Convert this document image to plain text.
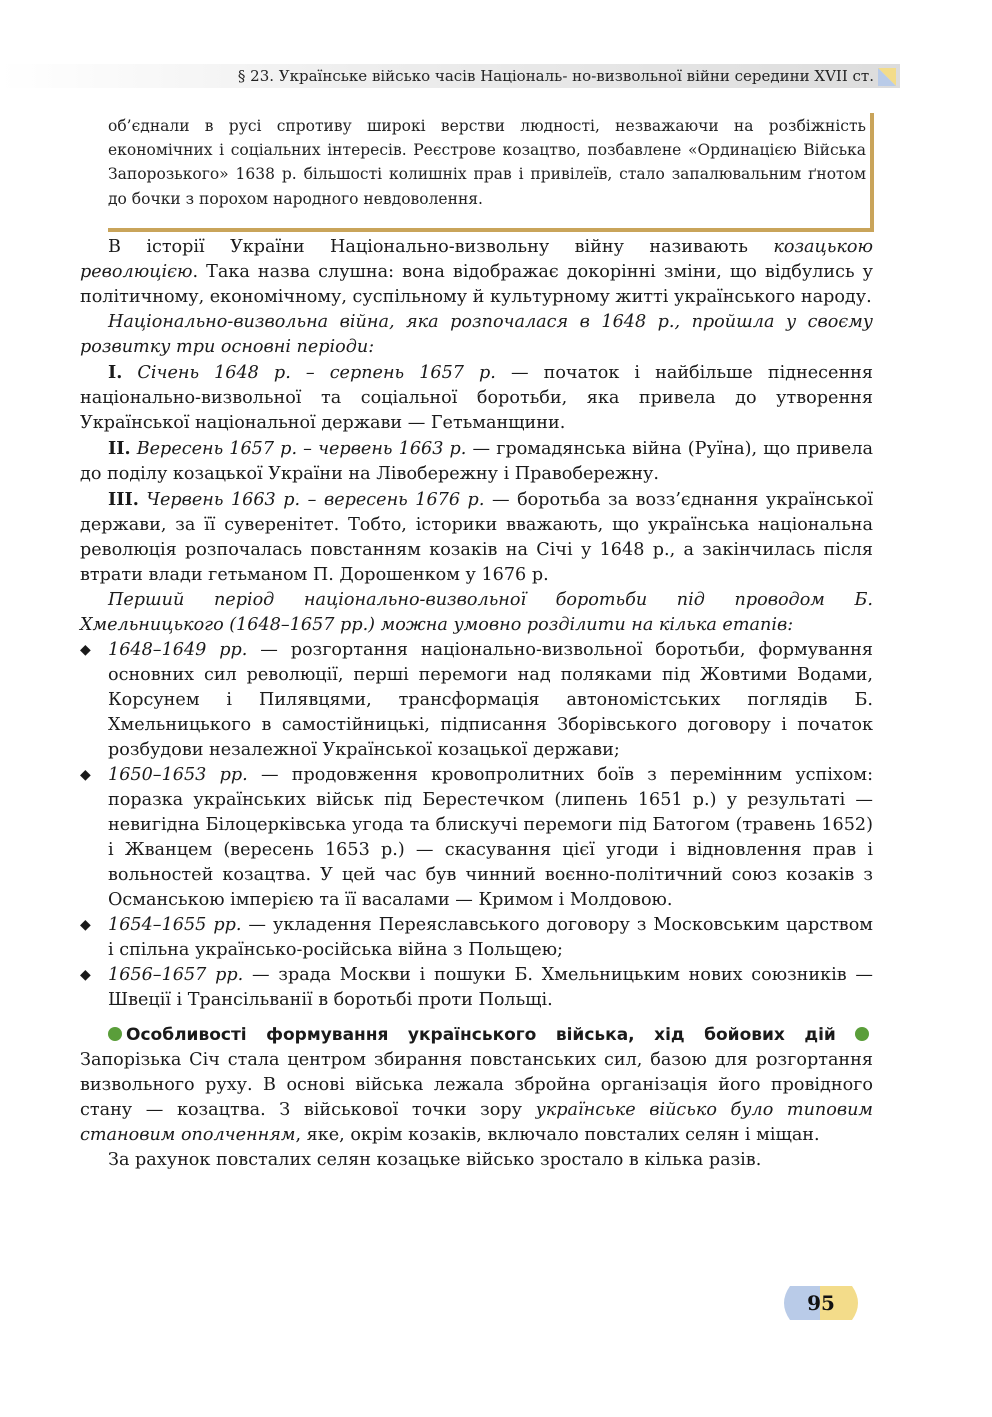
§ 23. Українське військо часів Національ- но-визвольної війни середини XVII ст.
об’єднали в русі спротиву широкі верстви людності, незважаючи на розбіжність економічних і соціальних інтересів. Реєстрове козацтво, позбавлене «Ординацією Війська Запорозького» 1638 р. більшості колишніх прав і привілеїв, стало запалювальним ґнотом до бочки з порохом народного невдоволення.

В історії України Національно-визвольну війну називають козацькою революцією. Така назва слушна: вона відображає докорінні зміни, що відбулись у політичному, економічному, суспільному й культурному житті українського народу.

Національно-визвольна війна, яка розпочалася в 1648 р., пройшла у своєму розвитку три основні періоди:

I. Січень 1648 р. – серпень 1657 р. — початок і найбільше піднесення національно-визвольної та соціальної боротьби, яка привела до утворення Української національної держави — Гетьманщини.

II. Вересень 1657 р. – червень 1663 р. — громадянська війна (Руїна), що привела до поділу козацької України на Лівобережну і Правобережну.

III. Червень 1663 р. – вересень 1676 р. — боротьба за возз’єднання української держави, за її суверенітет. Тобто, історики вважають, що українська національна революція розпочалась повстанням козаків на Січі у 1648 р., а закінчилась після втрати влади гетьманом П. Дорошенком у 1676 р.

Перший період національно-визвольної боротьби під проводом Б. Хмельницького (1648–1657 рр.) можна умовно розділити на кілька етапів:

◆ 1648–1649 рр. — розгортання національно-визвольної боротьби, формування основних сил революції, перші перемоги над поляками під Жовтими Водами, Корсунем і Пилявцями, трансформація автономістських поглядів Б. Хмельницького в самостійницькі, підписання Зборівського договору і початок розбудови незалежної Української козацької держави;
◆ 1650–1653 рр. — продовження кровопролитних боїв з перемінним успіхом: поразка українських військ під Берестечком (липень 1651 р.) у результаті — невигідна Білоцерківська угода та блискучі перемоги під Батогом (травень 1652) і Жванцем (вересень 1653 р.) — скасування цієї угоди і відновлення прав і вольностей козацтва. У цей час був чинний воєнно-політичний союз козаків з Османською імперією та її васалами — Кримом і Молдовою.
◆ 1654–1655 рр. — укладення Переяславського договору з Московським царством і спільна українсько-російська війна з Польщею;
◆ 1656–1657 рр. — зрада Москви і пошуки Б. Хмельницьким нових союзників — Швеції і Трансільванії в боротьбі проти Польщі.

Особливості формування українського війська, хід бойових дій  Запорізька Січ стала центром збирання повстанських сил, базою для розгортання визвольного руху. В основі війська лежала збройна організація його провідного стану — козацтва. З військової точки зору українське військо було типовим становим ополченням, яке, окрім козаків, включало повсталих селян і міщан.

За рахунок повсталих селян козацьке військо зростало в кілька разів.

95
